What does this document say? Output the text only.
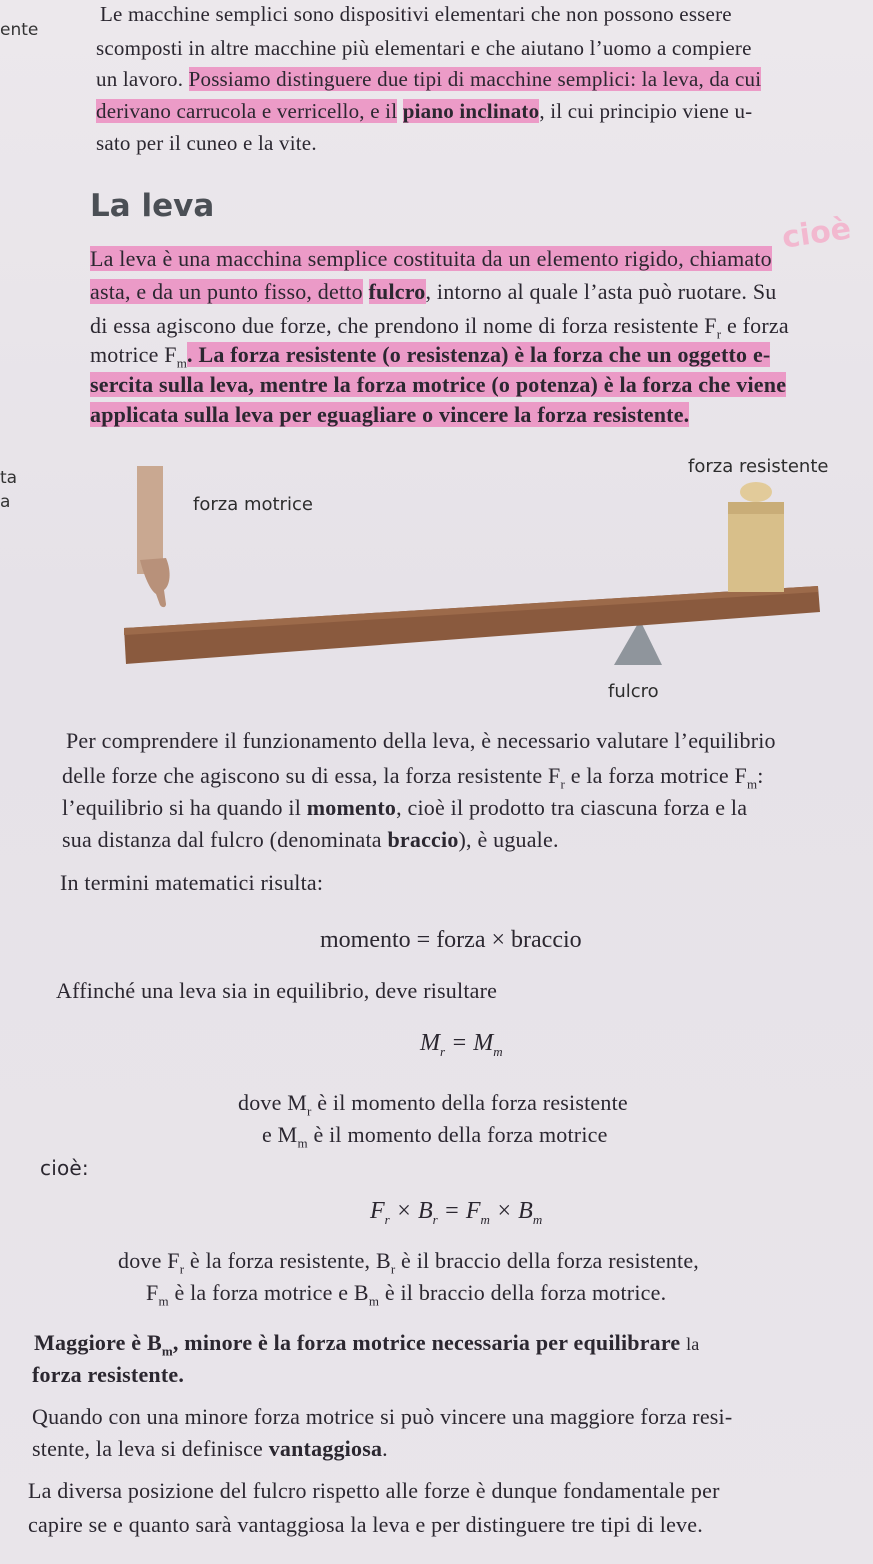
ente
ta
a
Le macchine semplici sono dispositivi elementari che non possono essere
scomposti in altre macchine più elementari e che aiutano l’uomo a compiere
un lavoro. Possiamo distinguere due tipi di macchine semplici: la leva, da cui
derivano carrucola e verricello, e il piano inclinato, il cui principio viene u-
sato per il cuneo e la vite.
La leva
cioè
La leva è una macchina semplice costituita da un elemento rigido, chiamato
asta, e da un punto fisso, detto fulcro, intorno al quale l’asta può ruotare. Su
di essa agiscono due forze, che prendono il nome di forza resistente $F_r$ e forza
motrice $F_m$. La forza resistente (o resistenza) è la forza che un oggetto e-
sercita sulla leva, mentre la forza motrice (o potenza) è la forza che viene
applicata sulla leva per eguagliare o vincere la forza resistente.
forza resistente
forza motrice
fulcro
Per comprendere il funzionamento della leva, è necessario valutare l’equilibrio
delle forze che agiscono su di essa, la forza resistente $F_r$ e la forza motrice $F_m$:
l’equilibrio si ha quando il momento, cioè il prodotto tra ciascuna forza e la
sua distanza dal fulcro (denominata braccio), è uguale.
In termini matematici risulta:
momento = forza × braccio
Affinché una leva sia in equilibrio, deve risultare
$M_r = M_m$
dove $M_r$ è il momento della forza resistente
e $M_m$ è il momento della forza motrice
cioè:
$F_r \times B_r = F_m \times B_m$
dove $F_r$ è la forza resistente, $B_r$ è il braccio della forza resistente,
$F_m$ è la forza motrice e $B_m$ è il braccio della forza motrice.
Maggiore è $B_m$, minore è la forza motrice necessaria per equilibrare la
forza resistente.
Quando con una minore forza motrice si può vincere una maggiore forza resi-
stente, la leva si definisce vantaggiosa.
La diversa posizione del fulcro rispetto alle forze è dunque fondamentale per
capire se e quanto sarà vantaggiosa la leva e per distinguere tre tipi di leve.
